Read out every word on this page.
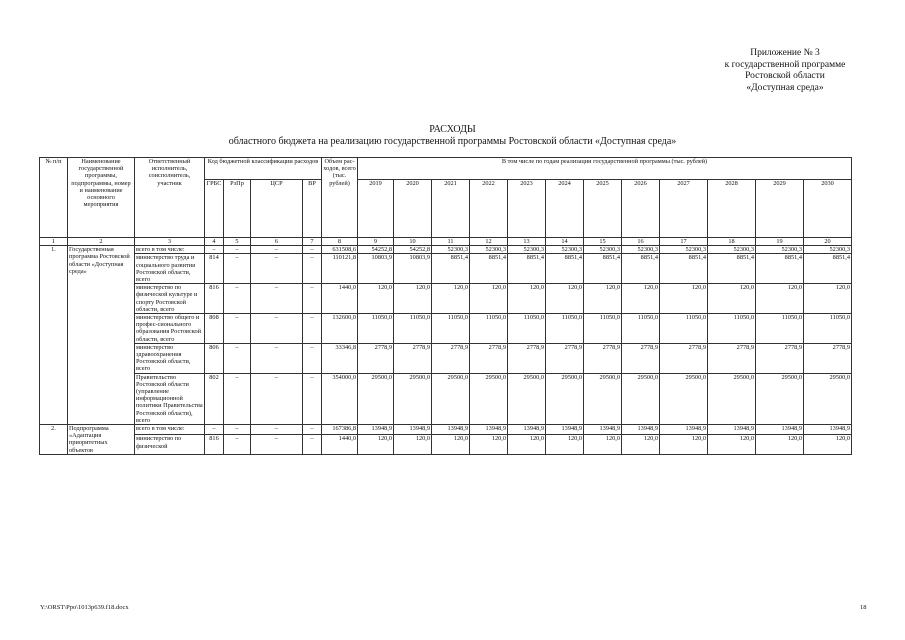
Приложение № 3
к государственной программе
Ростовской области
«Доступная среда»
РАСХОДЫ
областного бюджета на реализацию государственной программы Ростовской области «Доступная среда»
№ п/п	Наименование государственной программы, подпрограммы, номер и наименование основного мероприятия	Ответственный исполнитель, соисполнитель, участник	Код бюджетной классификации расходов				Объем рас-ходов, всего (тыс. рублей)	В том числе по годам реализации государственной программы (тыс. рублей)											
			ГРБС	РзПр	ЦСР	ВР		2019	2020	2021	2022	2023	2024	2025	2026	2027	2028	2029	2030
1	2	3	4	5	6	7	8	9	10	11	12	13	14	15	16	17	18	19	20
1.	Государственная программа Ростовской области «Доступная среда»	всего в том числе:	–	–	–	–	631508,6	54252,8	54252,8	52300,3	52300,3	52300,3	52300,3	52300,3	52300,3	52300,3	52300,3	52300,3	52300,3
		министерство труда и социального развития Ростовской области, всего	814	–	–	–	110121,8	10803,9	10803,9	8851,4	8851,4	8851,4	8851,4	8851,4	8851,4	8851,4	8851,4	8851,4	8851,4
		министерство по физической культуре и спорту Ростовской области, всего	816	–	–	–	1440,0	120,0	120,0	120,0	120,0	120,0	120,0	120,0	120,0	120,0	120,0	120,0	120,0
		министерство общего и профес-сионального образования Ростовской области, всего	808	–	–	–	132600,0	11050,0	11050,0	11050,0	11050,0	11050,0	11050,0	11050,0	11050,0	11050,0	11050,0	11050,0	11050,0
		министерство здравоохранения Ростовской области, всего	806	–	–	–	33346,8	2778,9	2778,9	2778,9	2778,9	2778,9	2778,9	2778,9	2778,9	2778,9	2778,9	2778,9	2778,9
		Правительство Ростовской области (управление информационной политики Правительства Ростовской области), всего	802	–	–	–	354000,0	29500,0	29500,0	29500,0	29500,0	29500,0	29500,0	29500,0	29500,0	29500,0	29500,0	29500,0	29500,0
2.	Подпрограмма «Адаптация приоритетных объектов	всего в том числе:	–	–	–	–	167386,8	13948,9	13948,9	13948,9	13948,9	13948,9	13948,9	13948,9	13948,9	13948,9	13948,9	13948,9	13948,9
		министерство по физической	816	–	–	–	1440,0	120,0	120,0	120,0	120,0	120,0	120,0	120,0	120,0	120,0	120,0	120,0	120,0
Y:\ORST\Ppo\1013p639.f18.docx	18
